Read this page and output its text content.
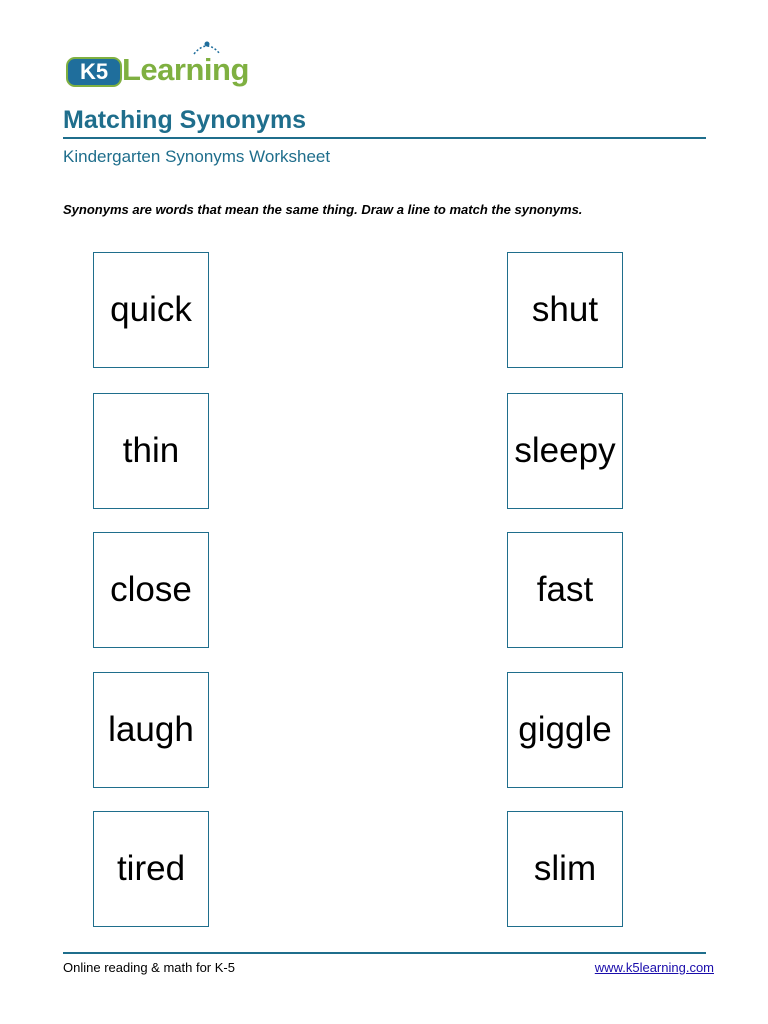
K5 Learning
Matching Synonyms
Kindergarten Synonyms Worksheet
Synonyms are words that mean the same thing. Draw a line to match the synonyms.
quick
thin
close
laugh
tired
shut
sleepy
fast
giggle
slim
Online reading & math for K-5	www.k5learning.com
